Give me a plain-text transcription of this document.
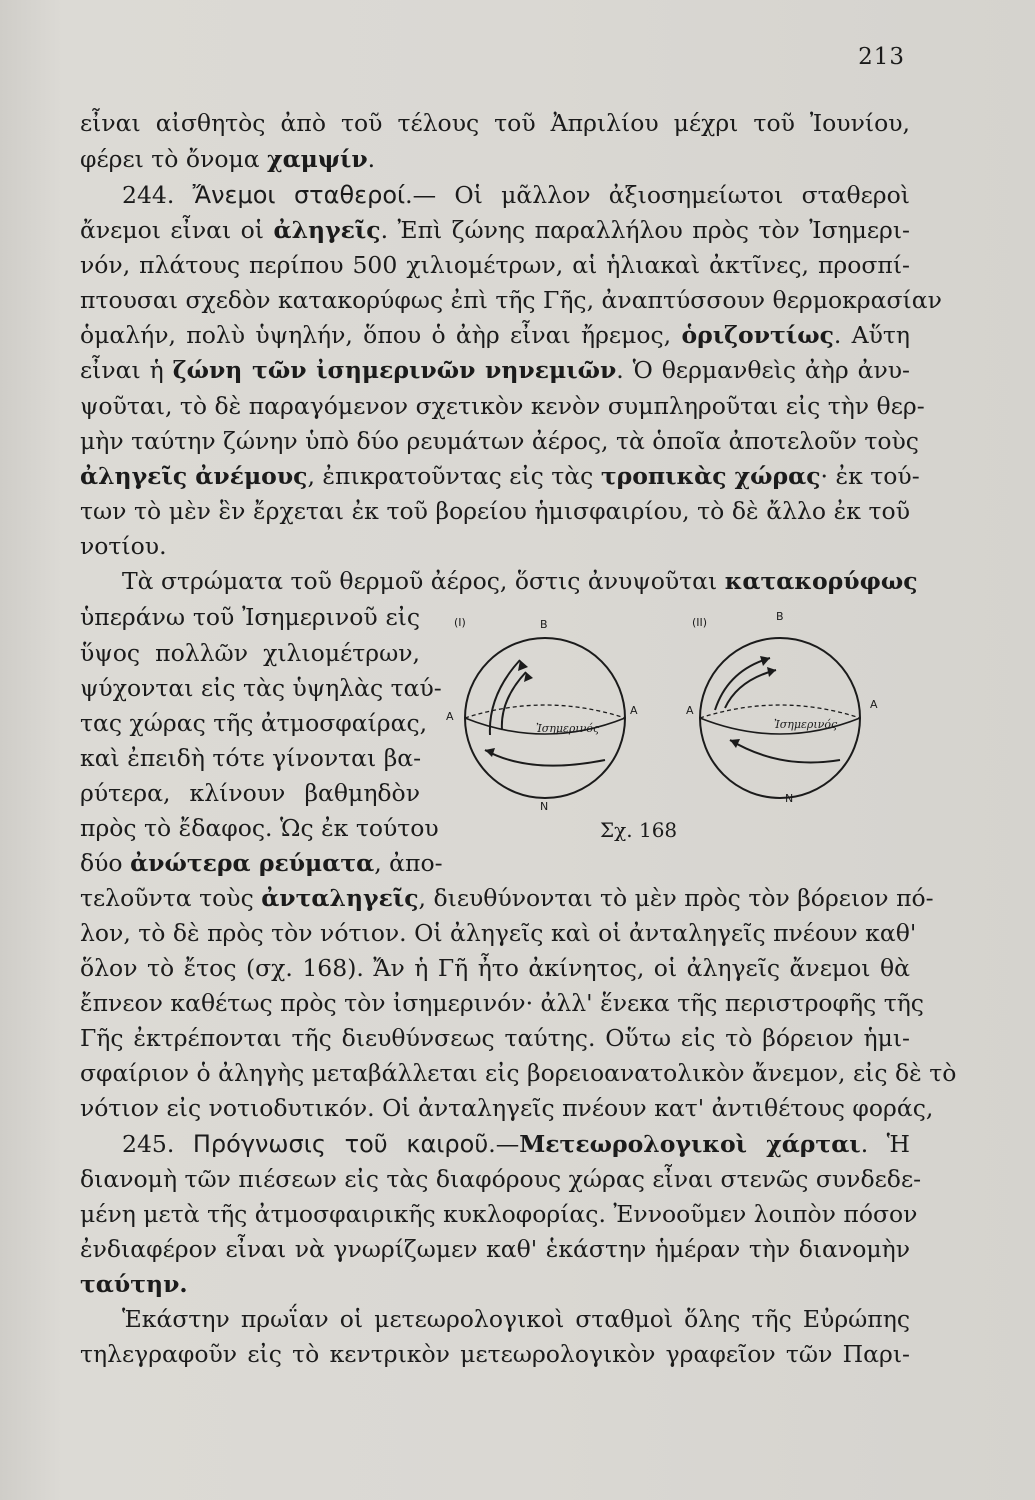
213
εἶναι αἰσθητὸς ἀπὸ τοῦ τέλους τοῦ Ἀπριλίου μέχρι τοῦ Ἰουνίου,
φέρει τὸ ὄνομα χαμψίν.
244. Ἄνεμοι σταθεροί.— Οἱ μᾶλλον ἀξιοσημείωτοι σταθεροὶ
ἄνεμοι εἶναι οἱ ἀληγεῖς. Ἐπὶ ζώνης παραλλήλου πρὸς τὸν Ἰσημερι-
νόν, πλάτους περίπου 500 χιλιομέτρων, αἱ ἡλιακαὶ ἀκτῖνες, προσπί-
πτουσαι σχεδὸν κατακορύφως ἐπὶ τῆς Γῆς, ἀναπτύσσουν θερμοκρασίαν
ὁμαλήν, πολὺ ὑψηλήν, ὅπου ὁ ἀὴρ εἶναι ἤρεμος, ὁριζοντίως. Αὕτη
εἶναι ἡ ζώνη τῶν ἰσημερινῶν νηνεμιῶν. Ὁ θερμανθεὶς ἀὴρ ἀνυ-
ψοῦται, τὸ δὲ παραγόμενον σχετικὸν κενὸν συμπληροῦται εἰς τὴν θερ-
μὴν ταύτην ζώνην ὑπὸ δύο ρευμάτων ἀέρος, τὰ ὁποῖα ἀποτελοῦν τοὺς
ἀληγεῖς ἀνέμους, ἐπικρατοῦντας εἰς τὰς τροπικὰς χώρας· ἐκ τού-
των τὸ μὲν ἓν ἔρχεται ἐκ τοῦ βορείου ἡμισφαιρίου, τὸ δὲ ἄλλο ἐκ τοῦ
νοτίου.
Τὰ στρώματα τοῦ θερμοῦ ἀέρος, ὅστις ἀνυψοῦται κατακορύφως
ὑπεράνω τοῦ Ἰσημερινοῦ εἰς
ὕψος πολλῶν χιλιομέτρων,
ψύχονται εἰς τὰς ὑψηλὰς ταύ-
τας χώρας τῆς ἀτμοσφαίρας,
καὶ ἐπειδὴ τότε γίνονται βα-
ρύτερα, κλίνουν βαθμηδὸν
πρὸς τὸ ἔδαφος. Ὡς ἐκ τούτου
δύο ἀνώτερα ρεύματα, ἀπο-
(I)	B
N
A	A
Ἰσημερινός
(II)	B
N
A	A
Ἰσημερινός
Σχ. 168
τελοῦντα τοὺς ἀνταληγεῖς, διευθύνονται τὸ μὲν πρὸς τὸν βόρειον πό-
λον, τὸ δὲ πρὸς τὸν νότιον. Οἱ ἀληγεῖς καὶ οἱ ἀνταληγεῖς πνέουν καθ'
ὅλον τὸ ἔτος (σχ. 168). Ἄν ἡ Γῆ ἦτο ἀκίνητος, οἱ ἀληγεῖς ἄνεμοι θὰ
ἔπνεον καθέτως πρὸς τὸν ἰσημερινόν· ἀλλ' ἕνεκα τῆς περιστροφῆς τῆς
Γῆς ἐκτρέπονται τῆς διευθύνσεως ταύτης. Οὕτω εἰς τὸ βόρειον ἡμι-
σφαίριον ὁ ἀληγὴς μεταβάλλεται εἰς βορειοανατολικὸν ἄνεμον, εἰς δὲ τὸ
νότιον εἰς νοτιοδυτικόν. Οἱ ἀνταληγεῖς πνέουν κατ' ἀντιθέτους φοράς,
245. Πρόγνωσις τοῦ καιροῦ.—Μετεωρολογικοὶ χάρται. Ἡ
διανομὴ τῶν πιέσεων εἰς τὰς διαφόρους χώρας εἶναι στενῶς συνδεδε-
μένη μετὰ τῆς ἀτμοσφαιρικῆς κυκλοφορίας. Ἐννοοῦμεν λοιπὸν πόσον
ἐνδιαφέρον εἶναι νὰ γνωρίζωμεν καθ' ἑκάστην ἡμέραν τὴν διανομὴν
ταύτην.
Ἑκάστην πρωΐαν οἱ μετεωρολογικοὶ σταθμοὶ ὅλης τῆς Εὐρώπης
τηλεγραφοῦν εἰς τὸ κεντρικὸν μετεωρολογικὸν γραφεῖον τῶν Παρι-
